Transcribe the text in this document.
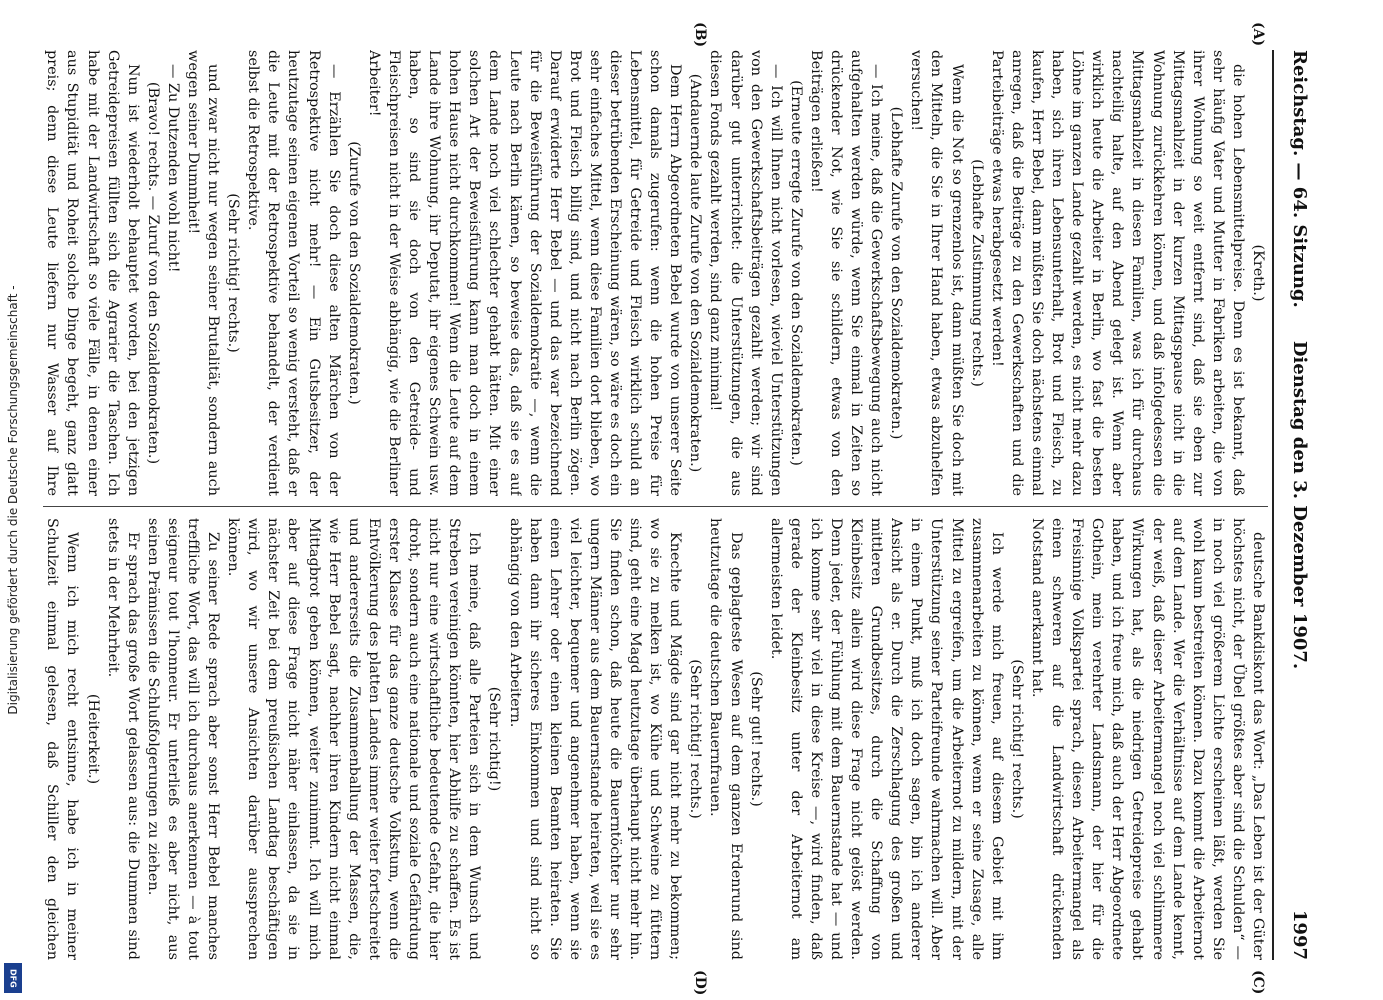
Digitalisierung gefördert durch die Deutsche Forschungsgemeinschaft -
DFG
Reichstag. — 64. Sitzung.
Dienstag den 3. Dezember 1907.
1997
(A)
(B)
(C)
(D)

(Kreth.)

die hohen Lebensmittelpreise. Denn es ist bekannt, daß sehr häufig Vater und Mutter in Fabriken arbeiten, die von ihrer Wohnung so weit entfernt sind, daß sie eben zur Mittagsmahlzeit in der kurzen Mittagspause nicht in die Wohnung zurückkehren können, und daß infolgedessen die Mittagsmahlzeit in diesen Familien, was ich für durchaus nachteilig halte, auf den Abend gelegt ist. Wenn aber wirklich heute die Arbeiter in Berlin, wo fast die besten Löhne im ganzen Lande gezahlt werden, es nicht mehr dazu haben, sich ihren Lebensunterhalt, Brot und Fleisch, zu kaufen, Herr Bebel, dann müßten Sie doch nächstens einmal anregen, daß die Beiträge zu den Gewerkschaften und die Parteibeiträge etwas herabgesetzt werden!

(Lebhafte Zustimmung rechts.)

Wenn die Not so grenzenlos ist, dann müßten Sie doch mit den Mitteln, die Sie in Ihrer Hand haben, etwas abzuhelfen versuchen!

(Lebhafte Zurufe von den Sozialdemokraten.)

— Ich meine, daß die Gewerkschaftsbewegung auch nicht aufgehalten werden würde, wenn Sie einmal in Zeiten so drückender Not, wie Sie sie schildern, etwas von den Beiträgen erließen!

(Erneute erregte Zurufe von den Sozialdemokraten.)

— Ich will Ihnen nicht vorlesen, wieviel Unterstützungen von den Gewerkschaftsbeiträgen gezahlt werden; wir sind darüber gut unterrichtet: die Unterstützungen, die aus diesen Fonds gezahlt werden, sind ganz minimal!

(Andauernde laute Zurufe von den Sozialdemokraten.)

Dem Herrn Abgeordneten Bebel wurde von unserer Seite schon damals zugerufen: wenn die hohen Preise für Lebensmittel, für Getreide und Fleisch wirklich schuld an dieser betrübenden Erscheinung wären, so wäre es doch ein sehr einfaches Mittel, wenn diese Familien dort blieben, wo Brot und Fleisch billig sind, und nicht nach Berlin zögen. Darauf erwiderte Herr Bebel — und das war bezeichnend für die Beweisführung der Sozialdemokratie —, wenn die Leute nach Berlin kämen, so beweise das, daß sie es auf dem Lande noch viel schlechter gehabt hätten. Mit einer solchen Art der Beweisführung kann man doch in einem hohen Hause nicht durchkommen! Wenn die Leute auf dem Lande ihre Wohnung, ihr Deputat, ihr eigenes Schwein usw. haben, so sind sie doch von den Getreide- und Fleischpreisen nicht in der Weise abhängig, wie die Berliner Arbeiter!

(Zurufe von den Sozialdemokraten.)

— Erzählen Sie doch diese alten Märchen von der Retrospektive nicht mehr! — Ein Gutsbesitzer, der heutzutage seinen eigenen Vorteil so wenig versteht, daß er die Leute mit der Retrospektive behandelt, der verdient selbst die Retrospektive.

(Sehr richtig! rechts.)

und zwar nicht nur wegen seiner Brutalität, sondern auch wegen seiner Dummheit!

— Zu Dutzenden wohl nicht!

(Bravo! rechts. — Zuruf von den Sozialdemokraten.)

Nun ist wiederholt behauptet worden, bei den jetzigen Getreidepreisen füllten sich die Agrarier die Taschen. Ich habe mit der Landwirtschaft so viele Fälle, in denen einer aus Stupidität und Roheit solche Dinge begeht, ganz glatt preis; denn diese Leute liefern nur Wasser auf Ihre

deutsche Bankdiskont das Wort: „Das Leben ist der Güter höchstes nicht, der Übel größtes aber sind die Schulden“ — in noch viel größerem Lichte erscheinen läßt, werden Sie wohl kaum bestreiten können. Dazu kommt die Arbeiternot auf dem Lande. Wer die Verhältnisse auf dem Lande kennt, der weiß, daß dieser Arbeitermangel noch viel schlimmere Wirkungen hat, als die niedrigen Getreidepreise gehabt haben, und ich freue mich, daß auch der Herr Abgeordnete Gothein, mein verehrter Landsmann, der hier für die Freisinnige Volkspartei sprach, diesen Arbeitermangel als einen schweren auf die Landwirtschaft drückenden Notstand anerkannt hat.

(Sehr richtig! rechts.)

Ich werde mich freuen, auf diesem Gebiet mit ihm zusammenarbeiten zu können, wenn er seine Zusage, alle Mittel zu ergreifen, um die Arbeiternot zu mildern, mit der Unterstützung seiner Parteifreunde wahrmachen will. Aber in einem Punkt, muß ich doch sagen, bin ich anderer Ansicht als er. Durch die Zerschlagung des großen und mittleren Grundbesitzes, durch die Schaffung von Kleinbesitz allein wird diese Frage nicht gelöst werden. Denn jeder, der Fühlung mit dem Bauernstande hat — und ich komme sehr viel in diese Kreise —, wird finden, daß gerade der Kleinbesitz unter der Arbeiternot am allermeisten leidet.

(Sehr gut! rechts.)

Das geplagteste Wesen auf dem ganzen Erdenrund sind heutzutage die deutschen Bauernfrauen.

(Sehr richtig! rechts.)

Knechte und Mägde sind gar nicht mehr zu bekommen; wo sie zu melken ist, wo Kühe und Schweine zu füttern sind, geht eine Magd heutzutage überhaupt nicht mehr hin. Sie finden schon, daß heute die Bauerntöchter nur sehr ungern Männer aus dem Bauernstande heiraten, weil sie es viel leichter, bequemer und angenehmer haben, wenn sie einen Lehrer oder einen kleinen Beamten heiraten. Sie haben dann ihr sicheres Einkommen und sind nicht so abhängig von den Arbeitern.

(Sehr richtig!)

Ich meine, daß alle Parteien sich in dem Wunsch und Streben vereinigen könnten, hier Abhilfe zu schaffen. Es ist nicht nur eine wirtschaftliche bedeutende Gefahr, die hier droht, sondern auch eine nationale und soziale Gefährdung erster Klasse für das ganze deutsche Volkstum, wenn die Entvölkerung des platten Landes immer weiter fortschreitet und andererseits die Zusammenballung der Massen, die, wie Herr Bebel sagt, nachher ihren Kindern nicht einmal Mittagbrot geben können, weiter zunimmt. Ich will mich aber auf diese Frage nicht näher einlassen, da sie in nächster Zeit bei dem preußischen Landtag beschäftigen wird, wo wir unsere Ansichten darüber aussprechen können.

Zu seiner Rede sprach aber sonst Herr Bebel manches treffliche Wort, das will ich durchaus anerkennen — à tout seigneur tout l'honneur. Er unterließ es aber nicht, aus seinen Prämissen die Schlußfolgerungen zu ziehen.

Er sprach das große Wort gelassen aus: die Dummen sind stets in der Mehrheit.

(Heiterkeit.)

Wenn ich mich recht entsinne, habe ich in meiner Schulzeit einmal gelesen, daß Schiller den gleichen
